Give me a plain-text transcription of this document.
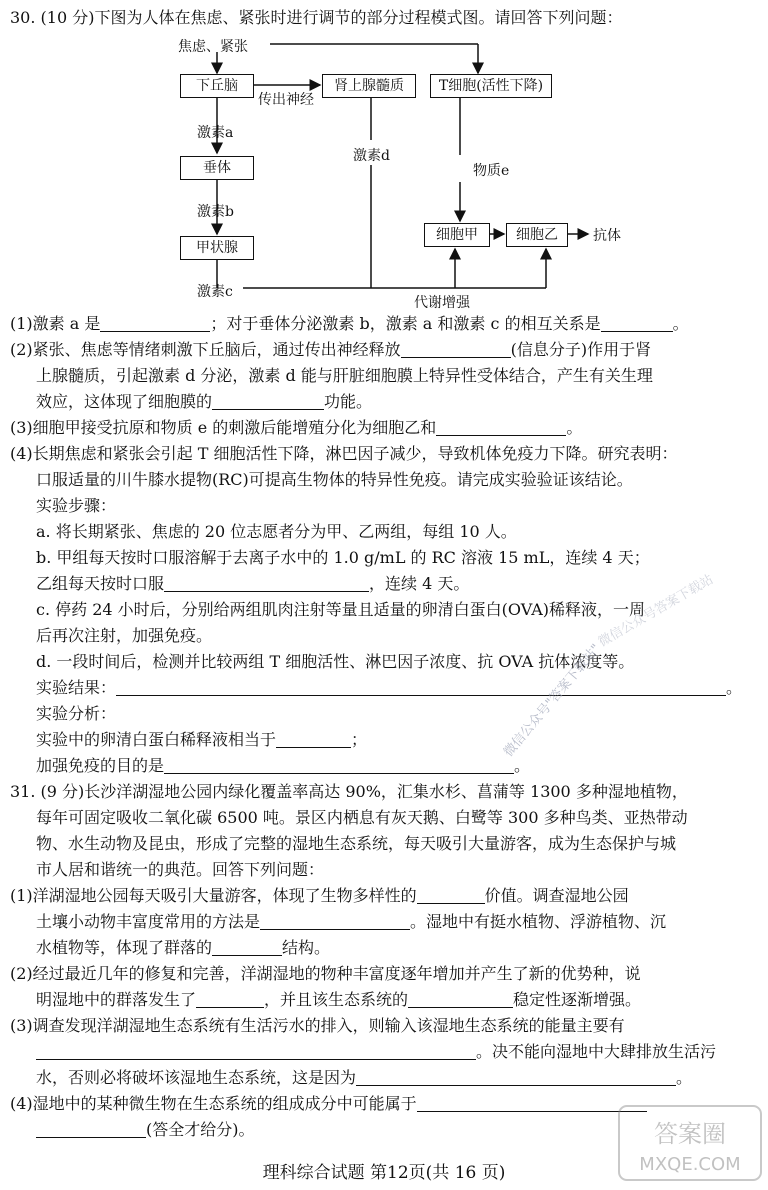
30. (10 分)下图为人体在焦虑、紧张时进行调节的部分过程模式图。请回答下列问题：
焦虑、紧张
下丘脑
传出神经
肾上腺髓质	T细胞(活性下降)
激素a
垂体
激素d
物质e
激素b
甲状腺
细胞甲	细胞乙	抗体
激素c
代谢增强
(1)激素 a 是	；对于垂体分泌激素 b，激素 a 和激素 c 的相互关系是	。
(2)紧张、焦虑等情绪刺激下丘脑后，通过传出神经释放	(信息分子)作用于肾
上腺髓质，引起激素 d 分泌，激素 d 能与肝脏细胞膜上特异性受体结合，产生有关生理
效应，这体现了细胞膜的	功能。
(3)细胞甲接受抗原和物质 e 的刺激后能增殖分化为细胞乙和	。
(4)长期焦虑和紧张会引起 T 细胞活性下降，淋巴因子减少，导致机体免疫力下降。研究表明：
口服适量的川牛膝水提物(RC)可提高生物体的特异性免疫。请完成实验验证该结论。
实验步骤：
a. 将长期紧张、焦虑的 20 位志愿者分为甲、乙两组，每组 10 人。
b. 甲组每天按时口服溶解于去离子水中的 1.0 g/mL 的 RC 溶液 15 mL，连续 4 天；
乙组每天按时口服	，连续 4 天。
c. 停药 24 小时后，分别给两组肌肉注射等量且适量的卵清白蛋白(OVA)稀释液，一周
后再次注射，加强免疫。
d. 一段时间后，检测并比较两组 T 细胞活性、淋巴因子浓度、抗 OVA 抗体浓度等。
实验结果：	。
实验分析：
实验中的卵清白蛋白稀释液相当于	；
加强免疫的目的是	。
31. (9 分)长沙洋湖湿地公园内绿化覆盖率高达 90%，汇集水杉、菖蒲等 1300 多种湿地植物，
每年可固定吸收二氧化碳 6500 吨。景区内栖息有灰天鹅、白鹭等 300 多种鸟类、亚热带动
物、水生动物及昆虫，形成了完整的湿地生态系统，每天吸引大量游客，成为生态保护与城
市人居和谐统一的典范。回答下列问题：
(1)洋湖湿地公园每天吸引大量游客，体现了生物多样性的	价值。调查湿地公园
土壤小动物丰富度常用的方法是	。湿地中有挺水植物、浮游植物、沉
水植物等，体现了群落的	结构。
(2)经过最近几年的修复和完善，洋湖湿地的物种丰富度逐年增加并产生了新的优势种，说
明湿地中的群落发生了	，并且该生态系统的	稳定性逐渐增强。
(3)调查发现洋湖湿地生态系统有生活污水的排入，则输入该湿地生态系统的能量主要有
。决不能向湿地中大肆排放生活污
水，否则必将破坏该湿地生态系统，这是因为	。
(4)湿地中的某种微生物在生态系统的组成成分中可能属于
(答全才给分)。
理科综合试题 第12页(共 16 页)
微信公众号"答案下载站"
微信公众号答案下载站
答案圈
MXQE.COM
